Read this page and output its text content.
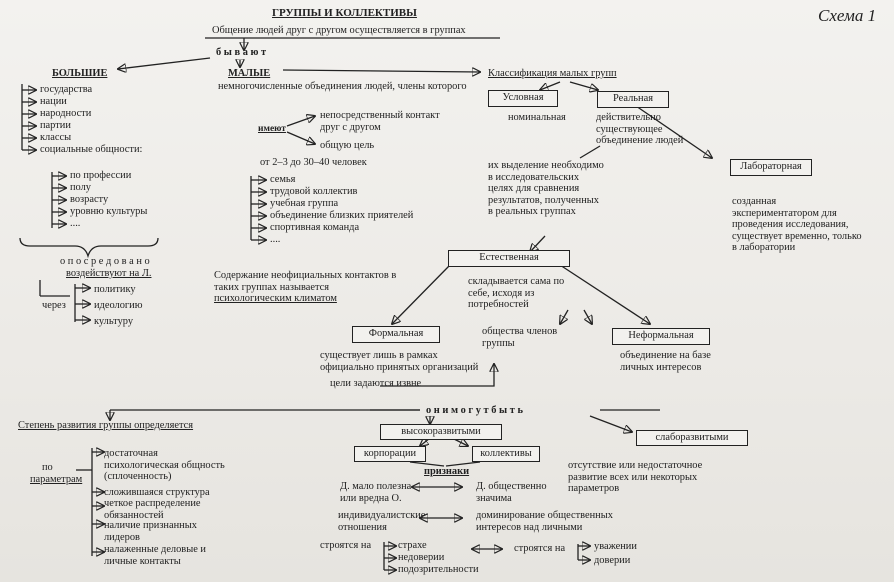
Схема 1
ГРУППЫ И КОЛЛЕКТИВЫ
Общение людей друг с другом осуществляется в группах
б ы в а ю т
БОЛЬШИЕ
государства
нации
народности
партии
классы
социальные общности:
по профессии
полу
возрасту
уровню культуры
....
о п о с р е д о в а н о
воздействуют на Л.
через
политику
идеологию
культуру
МАЛЫЕ
немногочисленные объединения людей, члены которого
имеют
непосредственный контакт друг с другом
общую цель
от 2–3 до 30–40 человек
семья
трудовой коллектив
учебная группа
объединение близких приятелей
спортивная команда
....
Содержание неофициальных контактов в таких группах называется
психологическим климатом
Классификация малых групп
Условная	Реальная
номинальная	действительно существующее объединение людей
Лабораторная
созданная экспериментатором для проведения исследования, существует временно, только в лаборатории
их выделение необходимо в исследовательских целях для сравнения результатов, полученных в реальных группах
Естественная
складывается сама по себе, исходя из потребностей
Формальная
существует лишь в рамках официально принятых организаций
цели задаются извне
общества членов группы
Неформальная
объединение на базе личных интересов
о н и м о г у т б ы т ь
Степень развития группы определяется
по
параметрам
достаточная психологическая общность (сплоченность)
сложившаяся структура
четкое распределение обязанностей
наличие признанных лидеров
налаженные деловые и личные контакты
высокоразвитыми
корпорации	коллективы
признаки
слаборазвитыми
отсутствие или недостаточное развитие всех или некоторых параметров
Д. мало полезна или вредна О.
Д. общественно значима
индивидуалистские отношения
доминирование общественных интересов над личными
строятся на	страхе
недоверии
подозрительности
строятся на	уважении
доверии
